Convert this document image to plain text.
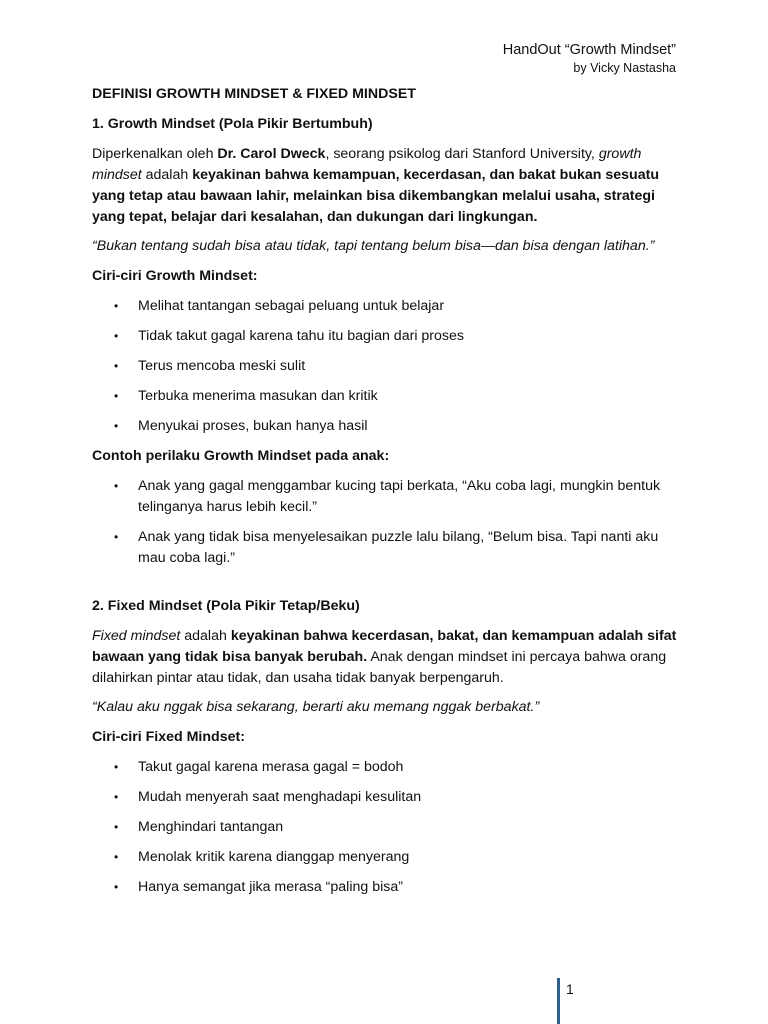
HandOut “Growth Mindset”
by Vicky Nastasha

DEFINISI GROWTH MINDSET & FIXED MINDSET

1. Growth Mindset (Pola Pikir Bertumbuh)

Diperkenalkan oleh Dr. Carol Dweck, seorang psikolog dari Stanford University, growth mindset adalah keyakinan bahwa kemampuan, kecerdasan, dan bakat bukan sesuatu yang tetap atau bawaan lahir, melainkan bisa dikembangkan melalui usaha, strategi yang tepat, belajar dari kesalahan, dan dukungan dari lingkungan.

“Bukan tentang sudah bisa atau tidak, tapi tentang belum bisa—dan bisa dengan latihan.”

Ciri-ciri Growth Mindset:

• Melihat tantangan sebagai peluang untuk belajar
• Tidak takut gagal karena tahu itu bagian dari proses
• Terus mencoba meski sulit
• Terbuka menerima masukan dan kritik
• Menyukai proses, bukan hanya hasil

Contoh perilaku Growth Mindset pada anak:

• Anak yang gagal menggambar kucing tapi berkata, “Aku coba lagi, mungkin bentuk telinganya harus lebih kecil.”
• Anak yang tidak bisa menyelesaikan puzzle lalu bilang, “Belum bisa. Tapi nanti aku mau coba lagi.”

2. Fixed Mindset (Pola Pikir Tetap/Beku)

Fixed mindset adalah keyakinan bahwa kecerdasan, bakat, dan kemampuan adalah sifat bawaan yang tidak bisa banyak berubah. Anak dengan mindset ini percaya bahwa orang dilahirkan pintar atau tidak, dan usaha tidak banyak berpengaruh.

“Kalau aku nggak bisa sekarang, berarti aku memang nggak berbakat.”

Ciri-ciri Fixed Mindset:

• Takut gagal karena merasa gagal = bodoh
• Mudah menyerah saat menghadapi kesulitan
• Menghindari tantangan
• Menolak kritik karena dianggap menyerang
• Hanya semangat jika merasa “paling bisa”
1
